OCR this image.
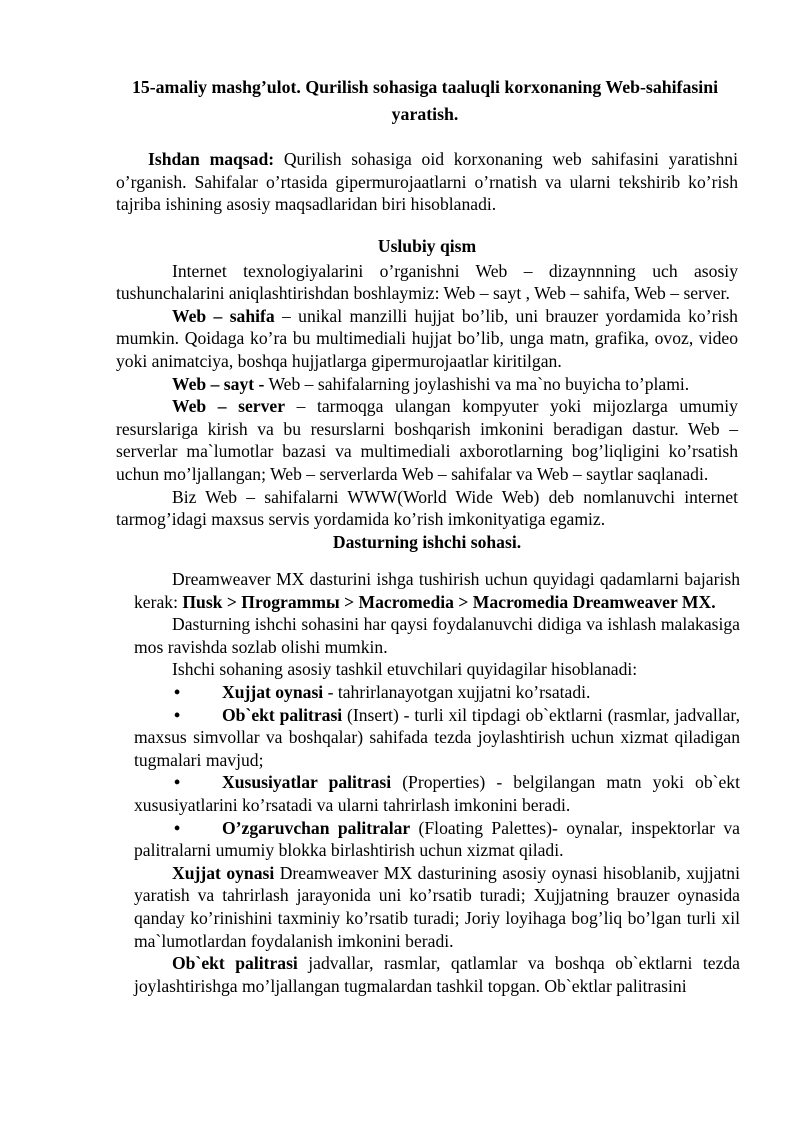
15-amaliy mashg’ulot. Qurilish sohasiga taaluqli korxonaning Web-sahifasini yaratish.

Ishdan maqsad: Qurilish sohasiga oid korxonaning web sahifasini yaratishni o’rganish. Sahifalar o’rtasida gipermurojaatlarni o’rnatish va ularni tekshirib ko’rish tajriba ishining asosiy maqsadlaridan biri hisoblanadi.

Uslubiy qism

Internet texnologiyalarini o’rganishni Web – dizaynnning uch asosiy tushunchalarini aniqlashtirishdan boshlaymiz: Web – sayt , Web – sahifa, Web – server.

Web – sahifa – unikal manzilli hujjat bo’lib, uni brauzer yordamida ko’rish mumkin. Qoidaga ko’ra bu multimediali hujjat bo’lib, unga matn, grafika, ovoz, video yoki animatciya, boshqa hujjatlarga gipermurojaatlar kiritilgan.

Web – sayt - Web – sahifalarning joylashishi va ma`no buyicha to’plami.

Web – server – tarmoqga ulangan kompyuter yoki mijozlarga umumiy resurslariga kirish va bu resurslarni boshqarish imkonini beradigan dastur. Web – serverlar ma`lumotlar bazasi va multimediali axborotlarning bog’liqligini ko’rsatish uchun mo’ljallangan; Web – serverlarda Web – sahifalar va Web – saytlar saqlanadi.

Biz Web – sahifalarni WWW(World Wide Web) deb nomlanuvchi internet tarmog’idagi maxsus servis yordamida ko’rish imkonityatiga egamiz.

Dasturning ishchi sohasi.

Dreamweaver MX dasturini ishga tushirish uchun quyidagi qadamlarni bajarish kerak: Пusk > Пrogrammы > Macromedia > Macromedia Dreamweaver MX.

Dasturning ishchi sohasini har qaysi foydalanuvchi didiga va ishlash malakasiga mos ravishda sozlab olishi mumkin.

Ishchi sohaning asosiy tashkil etuvchilari quyidagilar hisoblanadi:

• Xujjat oynasi - tahrirlanayotgan xujjatni ko’rsatadi.

• Ob`ekt palitrasi (Insert) - turli xil tipdagi ob`ektlarni (rasmlar, jadvallar, maxsus simvollar va boshqalar) sahifada tezda joylashtirish uchun xizmat qiladigan tugmalari mavjud;

• Xususiyatlar palitrasi (Properties) - belgilangan matn yoki ob`ekt xususiyatlarini ko’rsatadi va ularni tahrirlash imkonini beradi.

• O’zgaruvchan palitralar (Floating Palettes)- oynalar, inspektorlar va palitralarni umumiy blokka birlashtirish uchun xizmat qiladi.

Xujjat oynasi Dreamweaver MX dasturining asosiy oynasi hisoblanib, xujjatni yaratish va tahrirlash jarayonida uni ko’rsatib turadi; Xujjatning brauzer oynasida qanday ko’rinishini taxminiy ko’rsatib turadi; Joriy loyihaga bog’liq bo’lgan turli xil ma`lumotlardan foydalanish imkonini beradi.

Ob`ekt palitrasi jadvallar, rasmlar, qatlamlar va boshqa ob`ektlarni tezda joylashtirishga mo’ljallangan tugmalardan tashkil topgan. Ob`ektlar palitrasini
